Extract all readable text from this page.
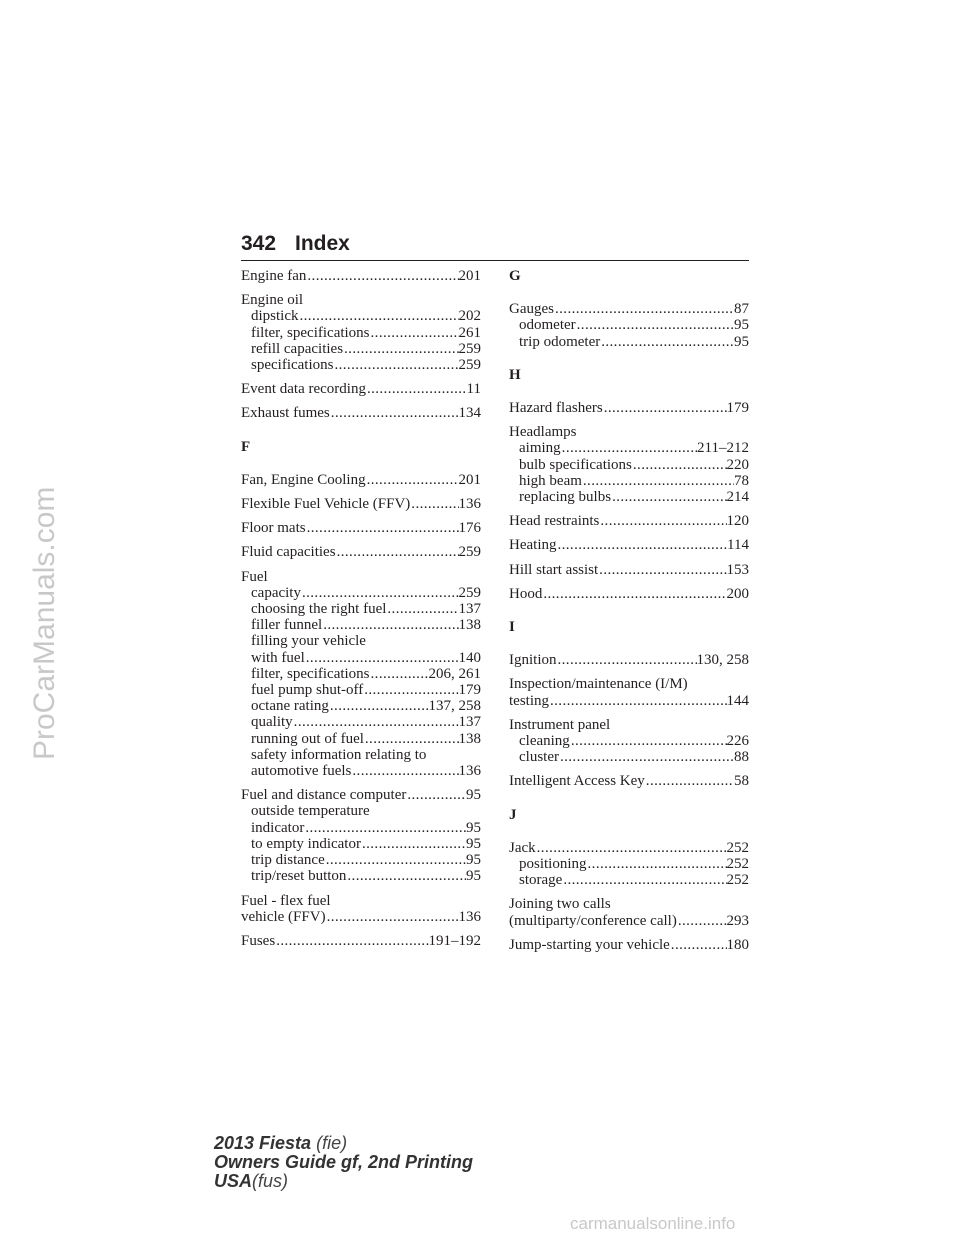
ProCarManuals.com
342 Index
Engine fan .....	201
Engine oil
dipstick .....	202
filter, specifications .....	261
refill capacities .....	259
specifications .....	259
Event data recording .....	11
Exhaust fumes .....	134
F
Fan, Engine Cooling .....	201
Flexible Fuel Vehicle (FFV) .....	136
Floor mats .....	176
Fluid capacities .....	259
Fuel
capacity .....	259
choosing the right fuel .....	137
filler funnel .....	138
filling your vehicle
with fuel .....	140
filter, specifications .....	206, 261
fuel pump shut-off .....	179
octane rating .....	137, 258
quality .....	137
running out of fuel .....	138
safety information relating to
automotive fuels .....	136
Fuel and distance computer .....	95
outside temperature
indicator .....	95
to empty indicator .....	95
trip distance .....	95
trip/reset button .....	95
Fuel - flex fuel
vehicle (FFV) .....	136
Fuses .....	191–192
G
Gauges .....	87
odometer .....	95
trip odometer .....	95
H
Hazard flashers .....	179
Headlamps
aiming .....	211–212
bulb specifications .....	220
high beam .....	78
replacing bulbs .....	214
Head restraints .....	120
Heating .....	114
Hill start assist .....	153
Hood .....	200
I
Ignition .....	130, 258
Inspection/maintenance (I/M)
testing .....	144
Instrument panel
cleaning .....	226
cluster .....	88
Intelligent Access Key .....	58
J
Jack .....	252
positioning .....	252
storage .....	252
Joining two calls
(multiparty/conference call) .....	293
Jump-starting your vehicle .....	180
2013 Fiesta (fie)
Owners Guide gf, 2nd Printing
USA(fus)
carmanualsonline.info
